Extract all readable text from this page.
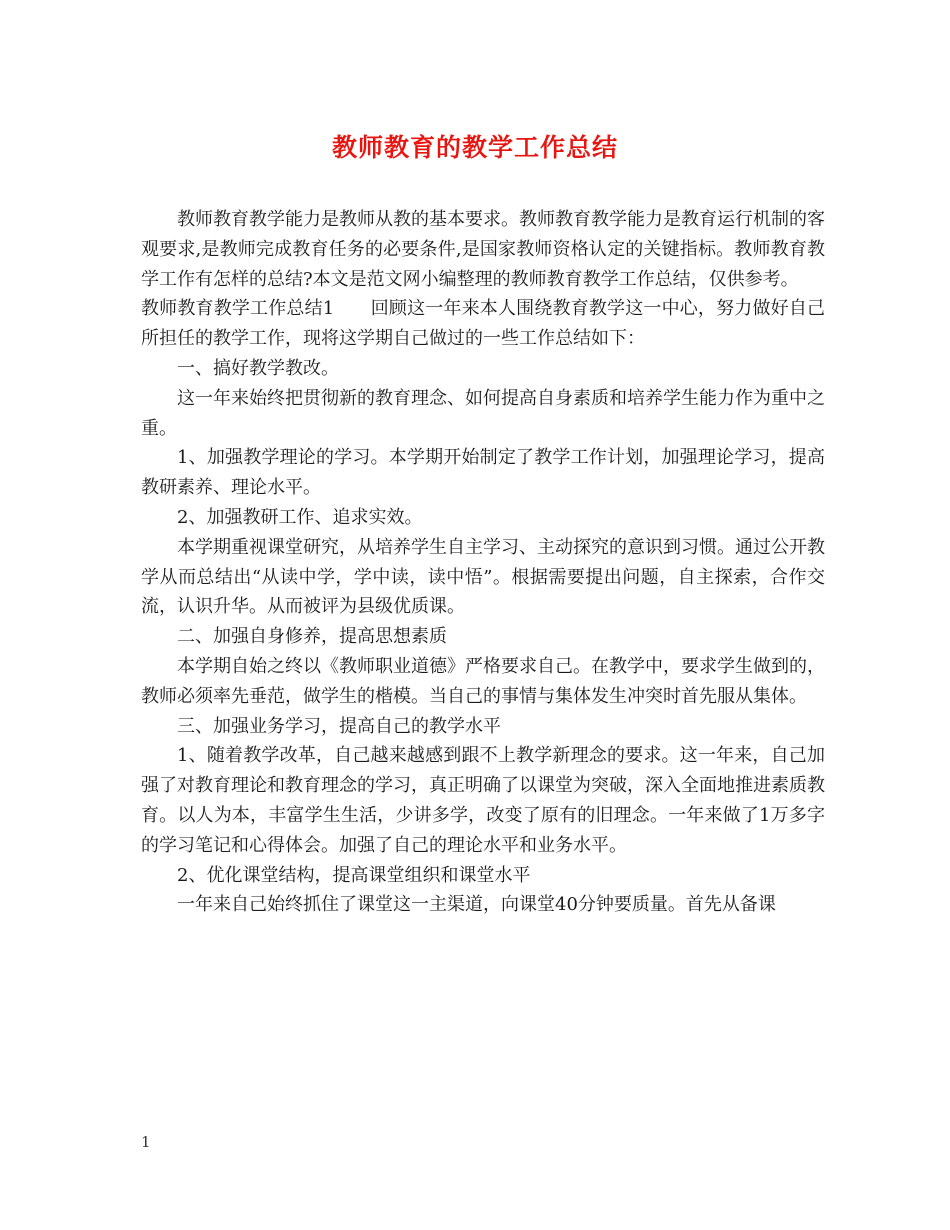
教师教育的教学工作总结

教师教育教学能力是教师从教的基本要求。教师教育教学能力是教育运行机制的客观要求,是教师完成教育任务的必要条件,是国家教师资格认定的关键指标。教师教育教学工作有怎样的总结?本文是范文网小编整理的教师教育教学工作总结，仅供参考。

教师教育教学工作总结1　　回顾这一年来本人围绕教育教学这一中心，努力做好自己所担任的教学工作，现将这学期自己做过的一些工作总结如下：

一、搞好教学教改。

这一年来始终把贯彻新的教育理念、如何提高自身素质和培养学生能力作为重中之重。

1、加强教学理论的学习。本学期开始制定了教学工作计划，加强理论学习，提高教研素养、理论水平。

2、加强教研工作、追求实效。

本学期重视课堂研究，从培养学生自主学习、主动探究的意识到习惯。通过公开教学从而总结出“从读中学，学中读，读中悟”。根据需要提出问题，自主探索，合作交流，认识升华。从而被评为县级优质课。

二、加强自身修养，提高思想素质

本学期自始之终以《教师职业道德》严格要求自己。在教学中，要求学生做到的，教师必须率先垂范，做学生的楷模。当自己的事情与集体发生冲突时首先服从集体。

三、加强业务学习，提高自己的教学水平

1、随着教学改革，自己越来越感到跟不上教学新理念的要求。这一年来，自己加强了对教育理论和教育理念的学习，真正明确了以课堂为突破，深入全面地推进素质教育。以人为本，丰富学生生活，少讲多学，改变了原有的旧理念。一年来做了1万多字的学习笔记和心得体会。加强了自己的理论水平和业务水平。

2、优化课堂结构，提高课堂组织和课堂水平

一年来自己始终抓住了课堂这一主渠道，向课堂40分钟要质量。首先从备课

1
